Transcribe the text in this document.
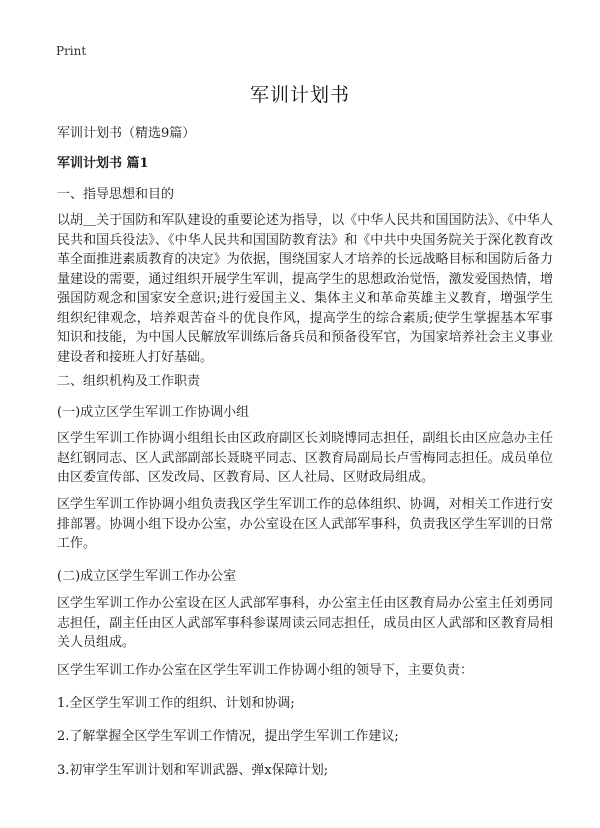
Print
军训计划书
军训计划书（精选9篇）
军训计划书 篇1
一、指导思想和目的
以胡＿关于国防和军队建设的重要论述为指导，以《中华人民共和国国防法》、《中华人民共和国兵役法》、《中华人民共和国国防教育法》和《中共中央国务院关于深化教育改革全面推进素质教育的决定》为依据，围绕国家人才培养的长远战略目标和国防后备力量建设的需要，通过组织开展学生军训，提高学生的思想政治觉悟，激发爱国热情，增强国防观念和国家安全意识;进行爱国主义、集体主义和革命英雄主义教育，增强学生组织纪律观念，培养艰苦奋斗的优良作风，提高学生的综合素质;使学生掌握基本军事知识和技能，为中国人民解放军训练后备兵员和预备役军官，为国家培养社会主义事业建设者和接班人打好基础。
二、组织机构及工作职责
(一)成立区学生军训工作协调小组
区学生军训工作协调小组组长由区政府副区长刘晓博同志担任，副组长由区应急办主任赵红钢同志、区人武部副部长聂晓平同志、区教育局副局长卢雪梅同志担任。成员单位由区委宣传部、区发改局、区教育局、区人社局、区财政局组成。
区学生军训工作协调小组负责我区学生军训工作的总体组织、协调，对相关工作进行安排部署。协调小组下设办公室，办公室设在区人武部军事科，负责我区学生军训的日常工作。
(二)成立区学生军训工作办公室
区学生军训工作办公室设在区人武部军事科，办公室主任由区教育局办公室主任刘勇同志担任，副主任由区人武部军事科参谋周读云同志担任，成员由区人武部和区教育局相关人员组成。
区学生军训工作办公室在区学生军训工作协调小组的领导下，主要负责：
1.全区学生军训工作的组织、计划和协调;
2.了解掌握全区学生军训工作情况，提出学生军训工作建议;
3.初审学生军训计划和军训武器、弹x保障计划;
